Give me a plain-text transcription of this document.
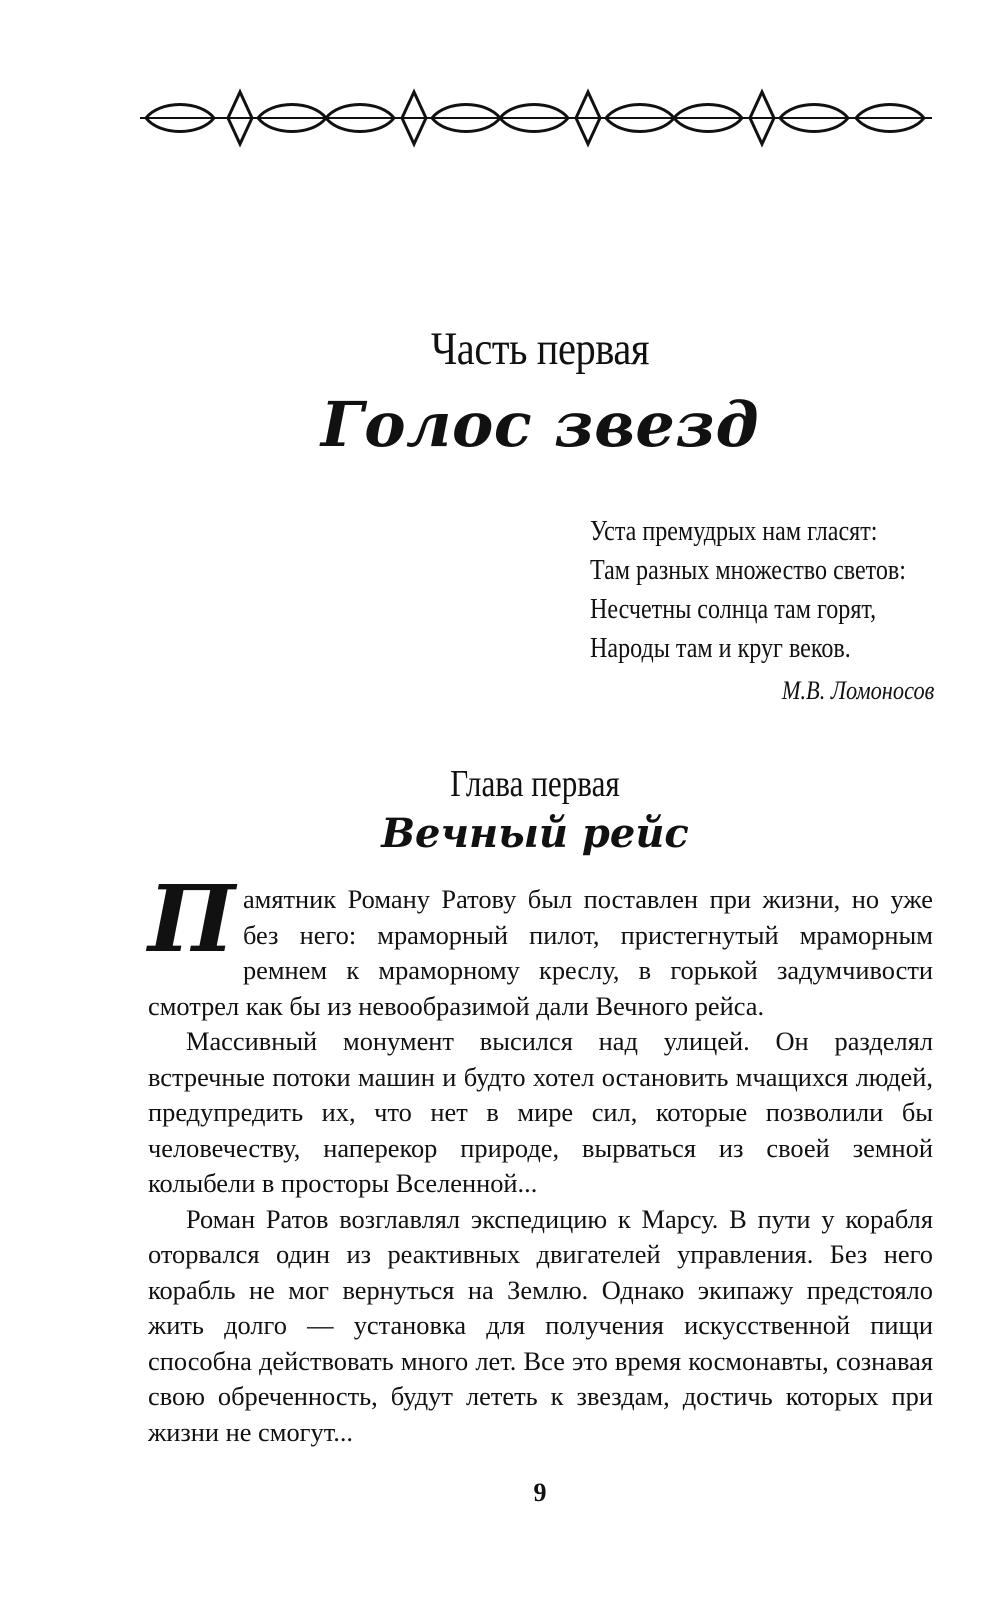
Часть первая
Голос звезд
Уста премудрых нам гласят:
Там разных множество светов:
Несчетны солнца там горят,
Народы там и круг веков.
М.В. Ломоносов
Глава первая
Вечный рейс

Памятник Роману Ратову был поставлен при жизни, но уже без него: мраморный пилот, пристегнутый мраморным ремнем к мраморному креслу, в горькой задумчивости смотрел как бы из невообразимой дали Вечного рейса.

Массивный монумент высился над улицей. Он разделял встречные потоки машин и будто хотел остановить мчащихся людей, предупредить их, что нет в мире сил, которые позволили бы человечеству, наперекор природе, вырваться из своей земной колыбели в просторы Вселенной...

Роман Ратов возглавлял экспедицию к Марсу. В пути у корабля оторвался один из реактивных двигателей управления. Без него корабль не мог вернуться на Землю. Однако экипажу предстояло жить долго — установка для получения искусственной пищи способна действовать много лет. Все это время космонавты, сознавая свою обреченность, будут лететь к звездам, достичь которых при жизни не смогут...

9
